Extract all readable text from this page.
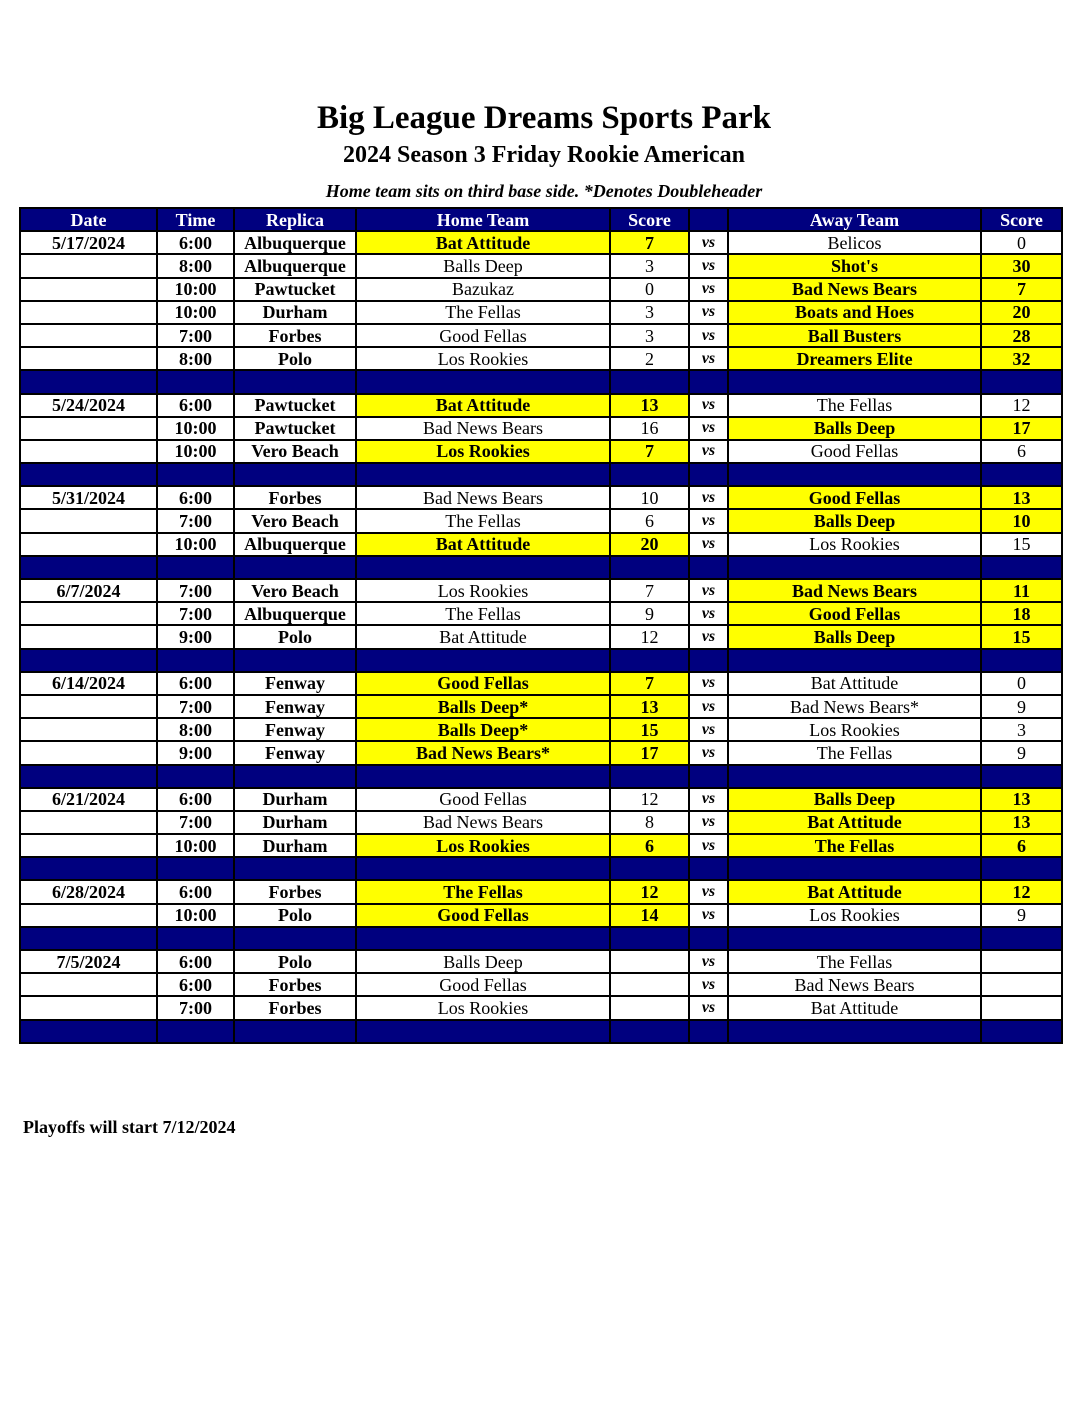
Big League Dreams Sports Park
2024 Season 3 Friday Rookie American
Home team sits on third base side. *Denotes Doubleheader
Date	Time	Replica	Home Team	Score		Away Team	Score
5/17/2024	6:00	Albuquerque	Bat Attitude	7	vs	Belicos	0
	8:00	Albuquerque	Balls Deep	3	vs	Shot's	30
	10:00	Pawtucket	Bazukaz	0	vs	Bad News Bears	7
	10:00	Durham	The Fellas	3	vs	Boats and Hoes	20
	7:00	Forbes	Good Fellas	3	vs	Ball Busters	28
	8:00	Polo	Los Rookies	2	vs	Dreamers Elite	32

5/24/2024	6:00	Pawtucket	Bat Attitude	13	vs	The Fellas	12
	10:00	Pawtucket	Bad News Bears	16	vs	Balls Deep	17
	10:00	Vero Beach	Los Rookies	7	vs	Good Fellas	6

5/31/2024	6:00	Forbes	Bad News Bears	10	vs	Good Fellas	13
	7:00	Vero Beach	The Fellas	6	vs	Balls Deep	10
	10:00	Albuquerque	Bat Attitude	20	vs	Los Rookies	15

6/7/2024	7:00	Vero Beach	Los Rookies	7	vs	Bad News Bears	11
	7:00	Albuquerque	The Fellas	9	vs	Good Fellas	18
	9:00	Polo	Bat Attitude	12	vs	Balls Deep	15

6/14/2024	6:00	Fenway	Good Fellas	7	vs	Bat Attitude	0
	7:00	Fenway	Balls Deep*	13	vs	Bad News Bears*	9
	8:00	Fenway	Balls Deep*	15	vs	Los Rookies	3
	9:00	Fenway	Bad News Bears*	17	vs	The Fellas	9

6/21/2024	6:00	Durham	Good Fellas	12	vs	Balls Deep	13
	7:00	Durham	Bad News Bears	8	vs	Bat Attitude	13
	10:00	Durham	Los Rookies	6	vs	The Fellas	6

6/28/2024	6:00	Forbes	The Fellas	12	vs	Bat Attitude	12
	10:00	Polo	Good Fellas	14	vs	Los Rookies	9

7/5/2024	6:00	Polo	Balls Deep		vs	The Fellas	
	6:00	Forbes	Good Fellas		vs	Bad News Bears	
	7:00	Forbes	Los Rookies		vs	Bat Attitude	

Playoffs will start 7/12/2024
